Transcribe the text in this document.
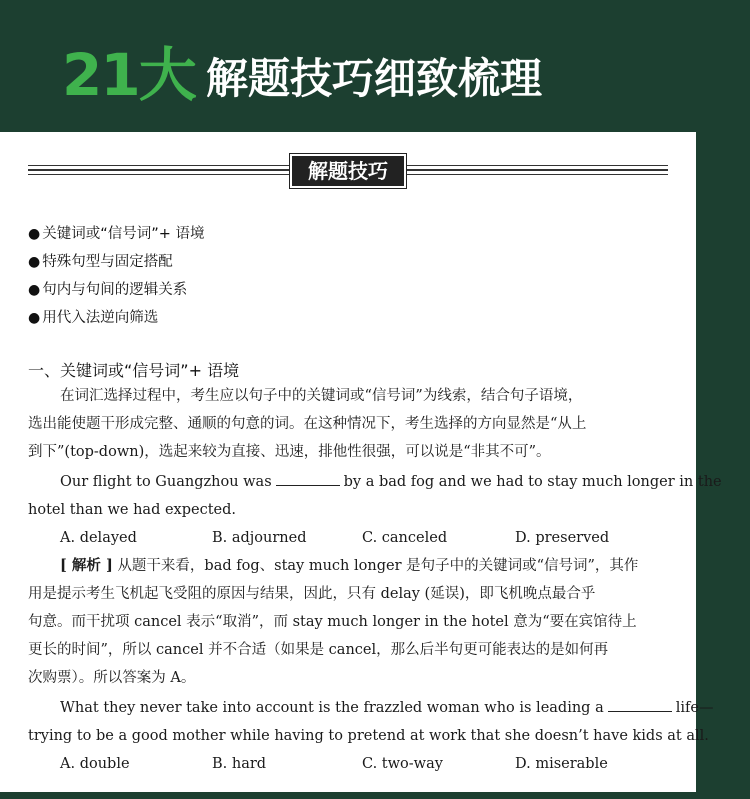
21大 解题技巧细致梳理
解题技巧
● 关键词或“信号词”+ 语境
● 特殊句型与固定搭配
● 句内与句间的逻辑关系
● 用代入法逆向筛选
一、关键词或“信号词”+ 语境
在词汇选择过程中，考生应以句子中的关键词或“信号词”为线索，结合句子语境，
选出能使题干形成完整、通顺的句意的词。在这种情况下，考生选择的方向显然是“从上
到下”(top-down)，选起来较为直接、迅速，排他性很强，可以说是“非其不可”。
Our flight to Guangzhou was	by a bad fog and we had to stay much longer in the
hotel than we had expected.
A. delayed	B. adjourned	C. canceled	D. preserved
[ 解析 ] 从题干来看，bad fog、stay much longer 是句子中的关键词或“信号词”，其作
用是提示考生飞机起飞受阻的原因与结果，因此，只有 delay (延误)，即飞机晚点最合乎
句意。而干扰项 cancel 表示“取消”，而 stay much longer in the hotel 意为“要在宾馆待上
更长的时间”，所以 cancel 并不合适（如果是 cancel，那么后半句更可能表达的是如何再
次购票）。所以答案为 A。
What they never take into account is the frazzled woman who is leading a	life—
trying to be a good mother while having to pretend at work that she doesn’t have kids at all.
A. double	B. hard	C. two-way	D. miserable
